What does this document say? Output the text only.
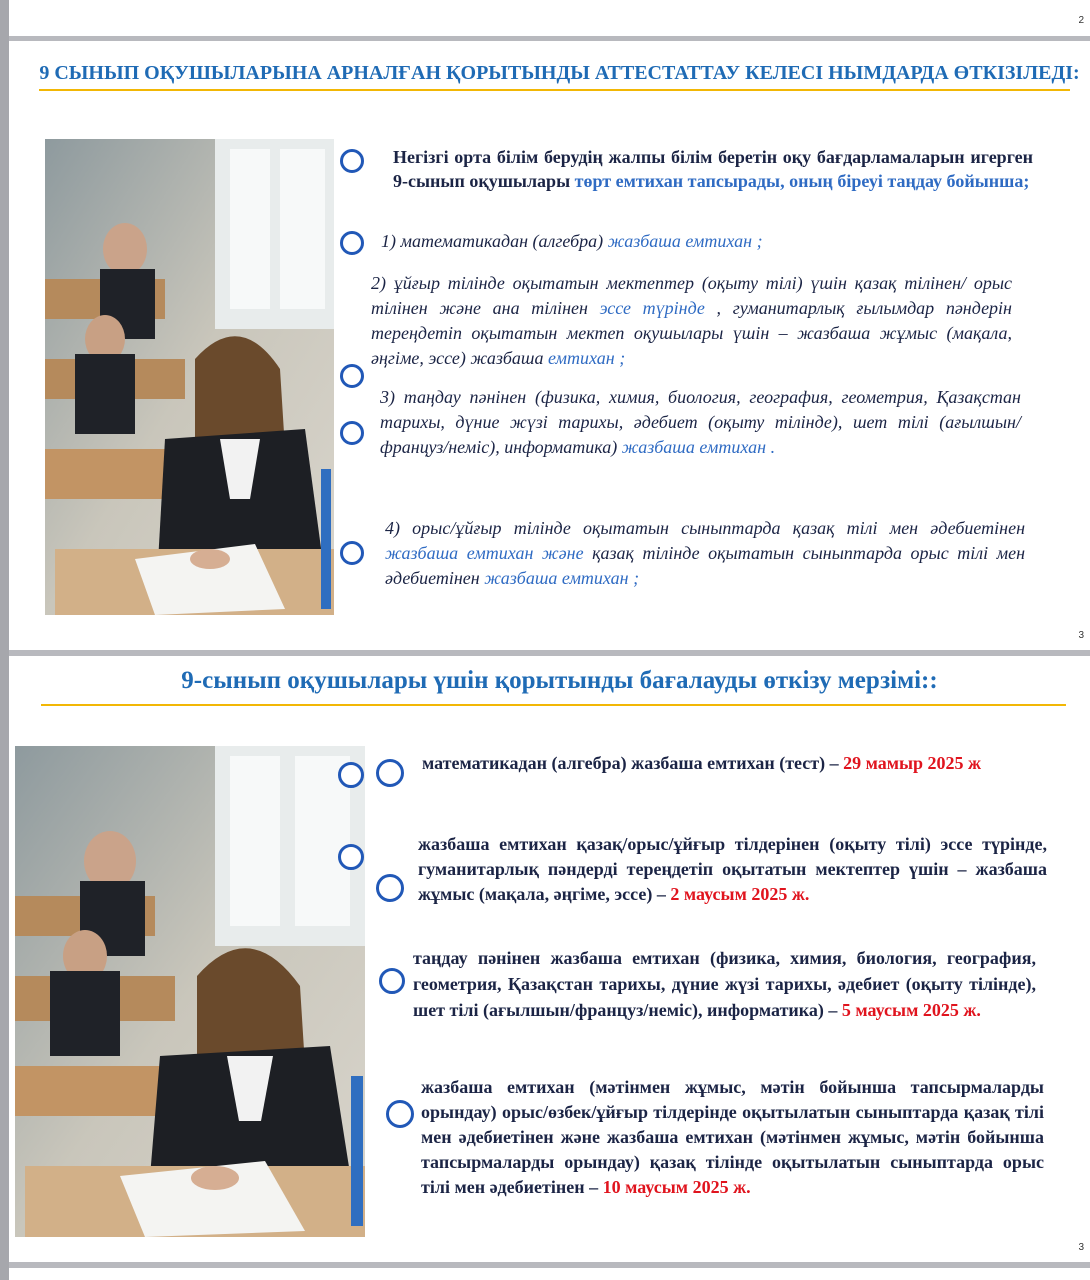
2
9 СЫНЫП ОҚУШЫЛАРЫНА АРНАЛҒАН ҚОРЫТЫНДЫ АТТЕСТАТТАУ КЕЛЕСІ НЫМДАРДА ӨТКІЗІЛЕДІ:
Негізгі орта білім берудің жалпы білім беретін оқу бағдарламаларын игерген 9-сынып оқушылары төрт емтихан тапсырады, оның біреуі таңдау бойынша;
1) математикадан (алгебра) жазбаша емтихан ;
2) ұйғыр тілінде оқытатын мектептер (оқыту тілі) үшін қазақ тілінен/ орыс тілінен және ана тілінен эссе түрінде , гуманитарлық ғылымдар пәндерін тереңдетіп оқытатын мектеп оқушылары үшін – жазбаша жұмыс (мақала, әңгіме, эссе) жазбаша емтихан ;
3) таңдау пәнінен (физика, химия, биология, география, геометрия, Қазақстан тарихы, дүние жүзі тарихы, әдебиет (оқыту тілінде), шет тілі (ағылшын/француз/неміс), информатика) жазбаша емтихан .
4) орыс/ұйғыр тілінде оқытатын сыныптарда қазақ тілі мен әдебиетінен жазбаша емтихан және қазақ тілінде оқытатын сыныптарда орыс тілі мен әдебиетінен жазбаша емтихан ;
3
9-сынып оқушылары үшін қорытынды бағалауды өткізу мерзімі::
математикадан (алгебра) жазбаша емтихан (тест) – 29 мамыр 2025 ж
жазбаша емтихан қазақ/орыс/ұйғыр тілдерінен (оқыту тілі) эссе түрінде, гуманитарлық пәндерді тереңдетіп оқытатын мектептер үшін – жазбаша жұмыс (мақала, әңгіме, эссе) – 2 маусым 2025 ж.
таңдау пәнінен жазбаша емтихан (физика, химия, биология, география, геометрия, Қазақстан тарихы, дүние жүзі тарихы, әдебиет (оқыту тілінде), шет тілі (ағылшын/француз/неміс), информатика) – 5 маусым 2025 ж.
жазбаша емтихан (мәтінмен жұмыс, мәтін бойынша тапсырмаларды орындау) орыс/өзбек/ұйғыр тілдерінде оқытылатын сыныптарда қазақ тілі мен әдебиетінен және жазбаша емтихан (мәтінмен жұмыс, мәтін бойынша тапсырмаларды орындау) қазақ тілінде оқытылатын сыныптарда орыс тілі мен әдебиетінен – 10 маусым 2025 ж.
3
